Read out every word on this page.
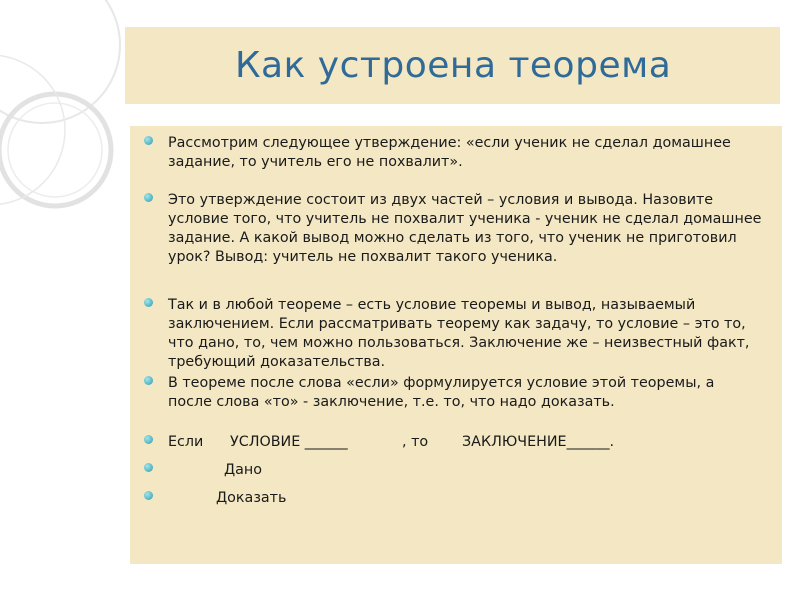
Как устроена теорема
Рассмотрим следующее утверждение: «если ученик не сделал домашнее задание, то учитель его не похвалит».
Это утверждение состоит из двух частей – условия и вывода. Назовите условие того, что учитель не похвалит ученика - ученик не сделал домашнее задание. А какой вывод можно сделать из того, что ученик не приготовил урок? Вывод: учитель не похвалит такого ученика.
Так и в любой теореме – есть условие теоремы и вывод, называемый заключением. Если рассматривать теорему как задачу, то условие – это то, что дано, то, чем можно пользоваться. Заключение же – неизвестный факт, требующий доказательства.
В теореме после слова «если» формулируется условие этой теоремы, а после слова «то» - заключение, т.е. то, что надо доказать.
Если УСЛОВИЕ ______	, то ЗАКЛЮЧЕНИЕ______.
Дано
Доказать
